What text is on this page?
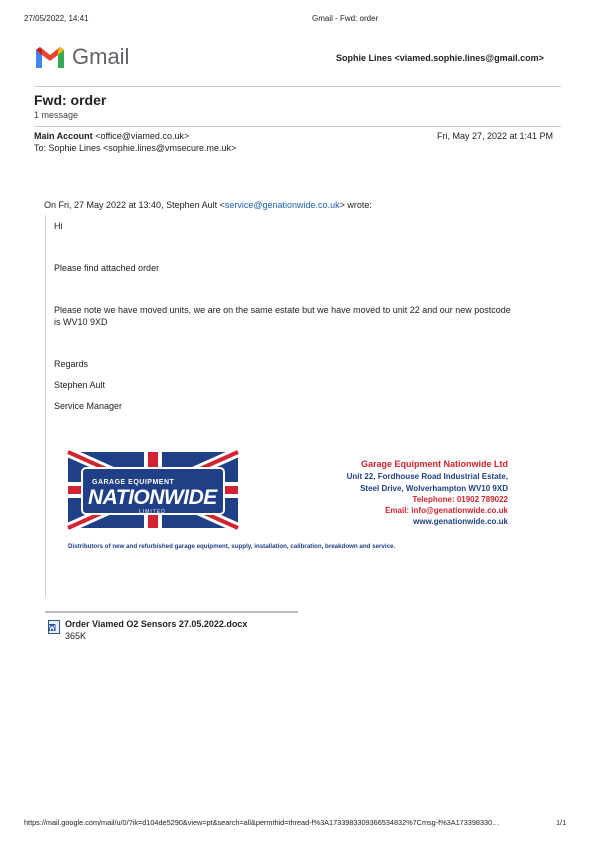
27/05/2022, 14:41	Gmail - Fwd: order
Gmail	Sophie Lines <viamed.sophie.lines@gmail.com>
Fwd: order
1 message
Main Account <office@viamed.co.uk>	Fri, May 27, 2022 at 1:41 PM
To: Sophie Lines <sophie.lines@vmsecure.me.uk>
On Fri, 27 May 2022 at 13:40, Stephen Ault <service@genationwide.co.uk> wrote:
Hi
Please find attached order
Please note we have moved units, we are on the same estate but we have moved to unit 22 and our new postcode
is WV10 9XD
Regards
Stephen Ault
Service Manager
GARAGE EQUIPMENT
NATIONWIDE
LIMITED
Garage Equipment Nationwide Ltd
Unit 22, Fordhouse Road Industrial Estate,
Steel Drive, Wolverhampton WV10 9XD
Telephone: 01902 789022
Email: info@genationwide.co.uk
www.genationwide.co.uk
Distributors of new and refurbished garage equipment, supply, installation, calibration, breakdown and service.
Order Viamed O2 Sensors 27.05.2022.docx
365K
https://mail.google.com/mail/u/0/?ik=d104de5290&view=pt&search=all&permthid=thread-f%3A1733983309366534832%7Cmsg-f%3A173398330…	1/1
